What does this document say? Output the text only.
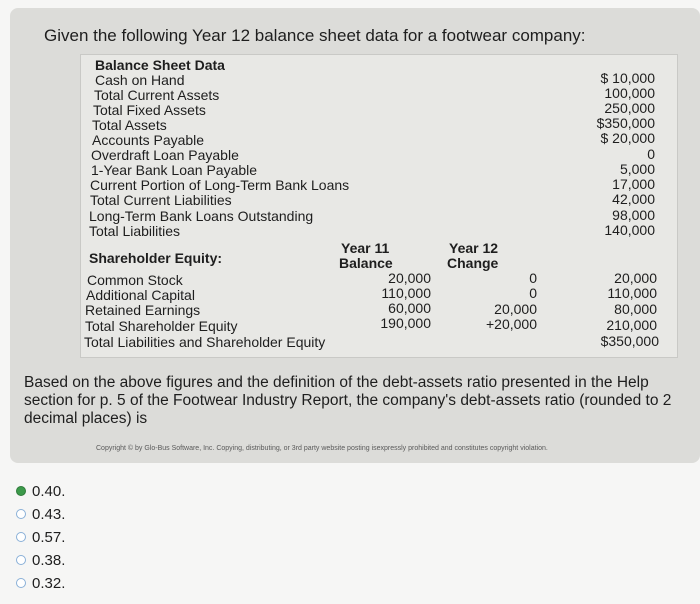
Given the following Year 12 balance sheet data for a footwear company:
Balance Sheet Data
Cash on Hand
Total Current Assets
Total Fixed Assets
Total Assets
Accounts Payable
Overdraft Loan Payable
1-Year Bank Loan Payable
Current Portion of Long-Term Bank Loans
Total Current Liabilities
Long-Term Bank Loans Outstanding
Total Liabilities
$ 10,000
100,000
250,000
$350,000
$ 20,000
0
5,000
17,000
42,000
98,000
140,000
Shareholder Equity:
Year 11
Balance
Year 12
Change
Common Stock
Additional Capital
Retained Earnings
Total Shareholder Equity
Total Liabilities and Shareholder Equity
20,000
110,000
60,000
190,000
0
0
20,000
+20,000
20,000
110,000
80,000
210,000
$350,000
Based on the above figures and the definition of the debt-assets ratio presented in the Help section for p. 5 of the Footwear Industry Report, the company's debt-assets ratio (rounded to 2 decimal places) is
Copyright © by Glo-Bus Software, Inc. Copying, distributing, or 3rd party website posting isexpressly prohibited and constitutes copyright violation.
0.40.
0.43.
0.57.
0.38.
0.32.
